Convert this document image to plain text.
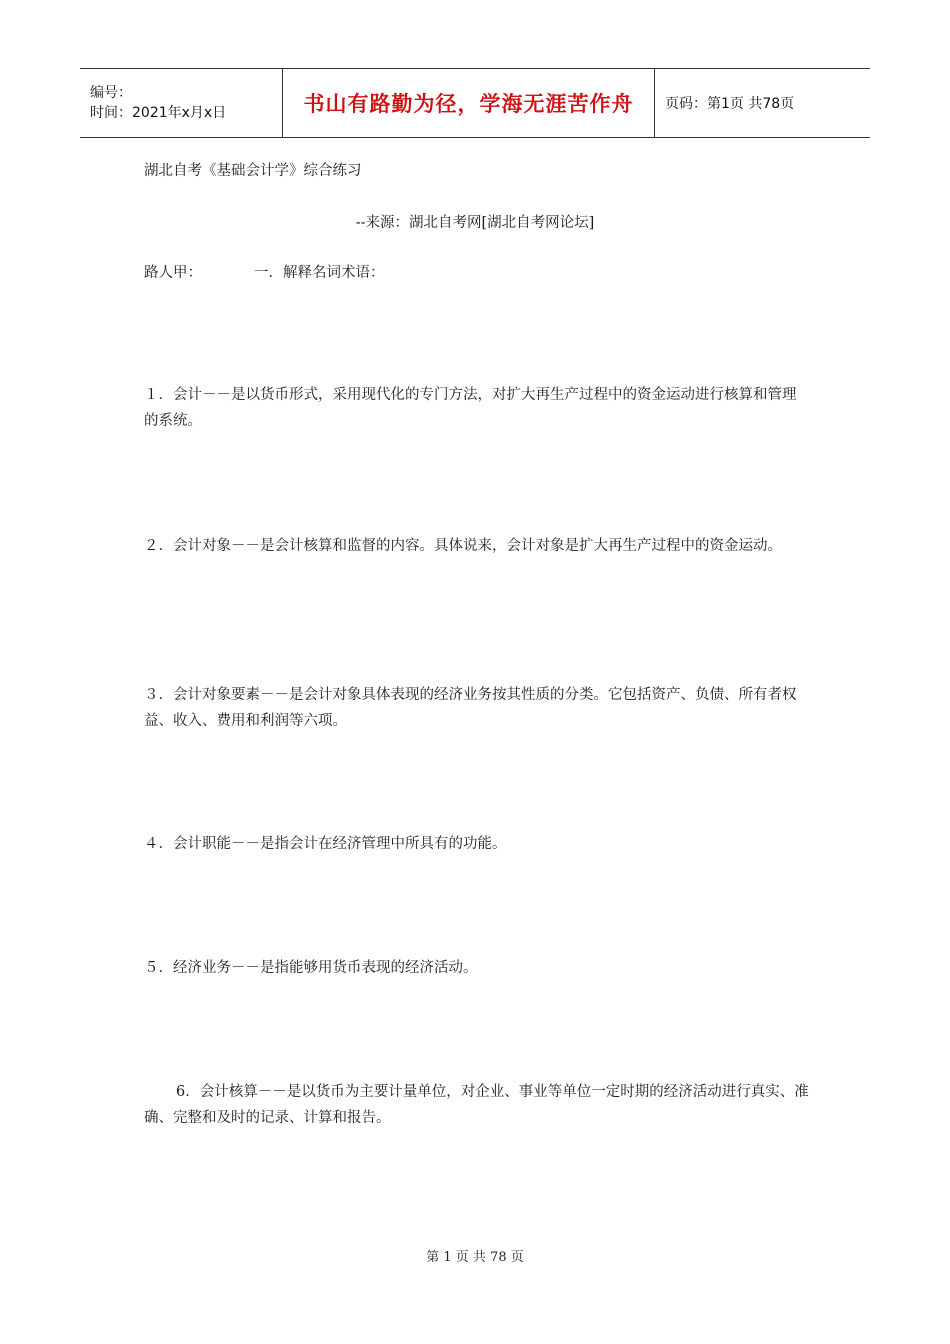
编号：
时间：2021年x月x日	书山有路勤为径，学海无涯苦作舟 页码：第1页 共78页
湖北自考《基础会计学》综合练习
--来源：湖北自考网[湖北自考网论坛]
路人甲：	一．解释名词术语：
１．会计－－是以货币形式，采用现代化的专门方法，对扩大再生产过程中的资金运动进行核算和管理的系统。
２．会计对象－－是会计核算和监督的内容。具体说来，会计对象是扩大再生产过程中的资金运动。
３．会计对象要素－－是会计对象具体表现的经济业务按其性质的分类。它包括资产、负债、所有者权益、收入、费用和利润等六项。
４．会计职能－－是指会计在经济管理中所具有的功能。
５．经济业务－－是指能够用货币表现的经济活动。
6．会计核算－－是以货币为主要计量单位，对企业、事业等单位一定时期的经济活动进行真实、准确、完整和及时的记录、计算和报告。
第 1 页 共 78 页
